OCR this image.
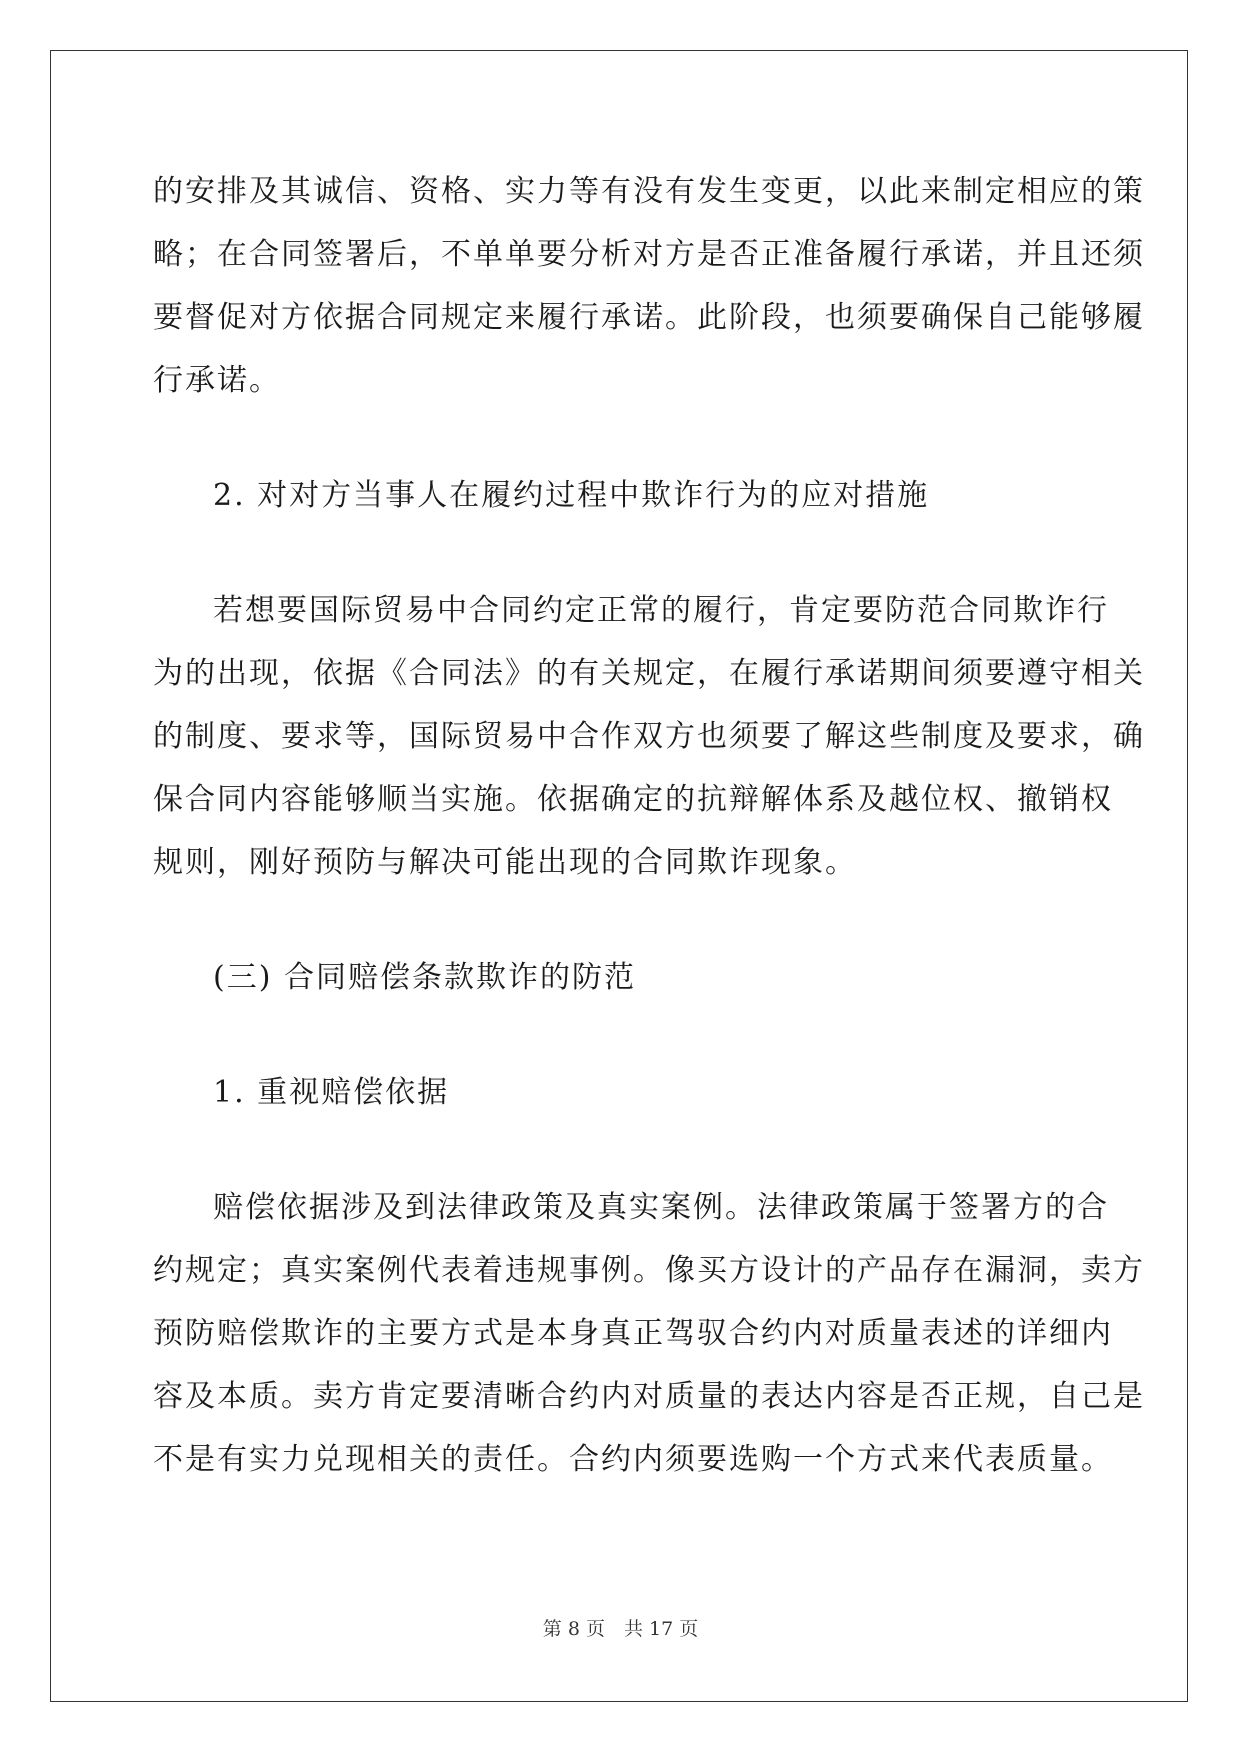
的安排及其诚信、资格、实力等有没有发生变更，以此来制定相应的策
略；在合同签署后，不单单要分析对方是否正准备履行承诺，并且还须
要督促对方依据合同规定来履行承诺。此阶段，也须要确保自己能够履
行承诺。
2. 对对方当事人在履约过程中欺诈行为的应对措施
若想要国际贸易中合同约定正常的履行，肯定要防范合同欺诈行
为的出现，依据《合同法》的有关规定，在履行承诺期间须要遵守相关
的制度、要求等，国际贸易中合作双方也须要了解这些制度及要求，确
保合同内容能够顺当实施。依据确定的抗辩解体系及越位权、撤销权
规则，刚好预防与解决可能出现的合同欺诈现象。
(三) 合同赔偿条款欺诈的防范
1. 重视赔偿依据
赔偿依据涉及到法律政策及真实案例。法律政策属于签署方的合
约规定；真实案例代表着违规事例。像买方设计的产品存在漏洞，卖方
预防赔偿欺诈的主要方式是本身真正驾驭合约内对质量表述的详细内
容及本质。卖方肯定要清晰合约内对质量的表达内容是否正规，自己是
不是有实力兑现相关的责任。合约内须要选购一个方式来代表质量。
第 8 页　共 17 页
